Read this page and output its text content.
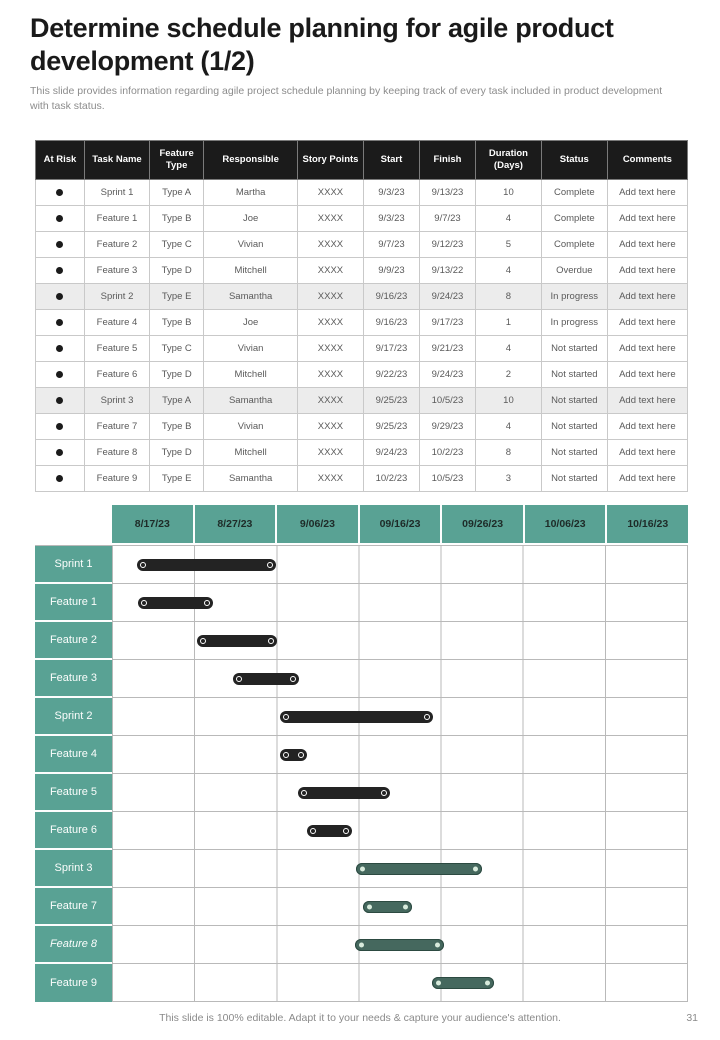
Determine schedule planning for agile product development (1/2)

This slide provides information regarding agile project schedule planning by keeping track of every task included in product development with task status.

At Risk	Task Name	Feature Type	Responsible	Story Points	Start	Finish	Duration (Days)	Status	Comments
	Sprint 1	Type A	Martha	XXXX	9/3/23	9/13/23	10	Complete	Add text here
	Feature 1	Type B	Joe	XXXX	9/3/23	9/7/23	4	Complete	Add text here
	Feature 2	Type C	Vivian	XXXX	9/7/23	9/12/23	5	Complete	Add text here
	Feature 3	Type D	Mitchell	XXXX	9/9/23	9/13/22	4	Overdue	Add text here
	Sprint 2	Type E	Samantha	XXXX	9/16/23	9/24/23	8	In progress	Add text here
	Feature 4	Type B	Joe	XXXX	9/16/23	9/17/23	1	In progress	Add text here
	Feature 5	Type C	Vivian	XXXX	9/17/23	9/21/23	4	Not started	Add text here
	Feature 6	Type D	Mitchell	XXXX	9/22/23	9/24/23	2	Not started	Add text here
	Sprint 3	Type A	Samantha	XXXX	9/25/23	10/5/23	10	Not started	Add text here
	Feature 7	Type B	Vivian	XXXX	9/25/23	9/29/23	4	Not started	Add text here
	Feature 8	Type D	Mitchell	XXXX	9/24/23	10/2/23	8	Not started	Add text here
	Feature 9	Type E	Samantha	XXXX	10/2/23	10/5/23	3	Not started	Add text here
8/17/23	8/27/23	9/06/23	09/16/23	09/26/23	10/06/23	10/16/23
Sprint 1
Feature 1
Feature 2
Feature 3
Sprint 2
Feature 4
Feature 5
Feature 6
Sprint 3
Feature 7
Feature 8
Feature 9
This slide is 100% editable. Adapt it to your needs & capture your audience's attention.	31
